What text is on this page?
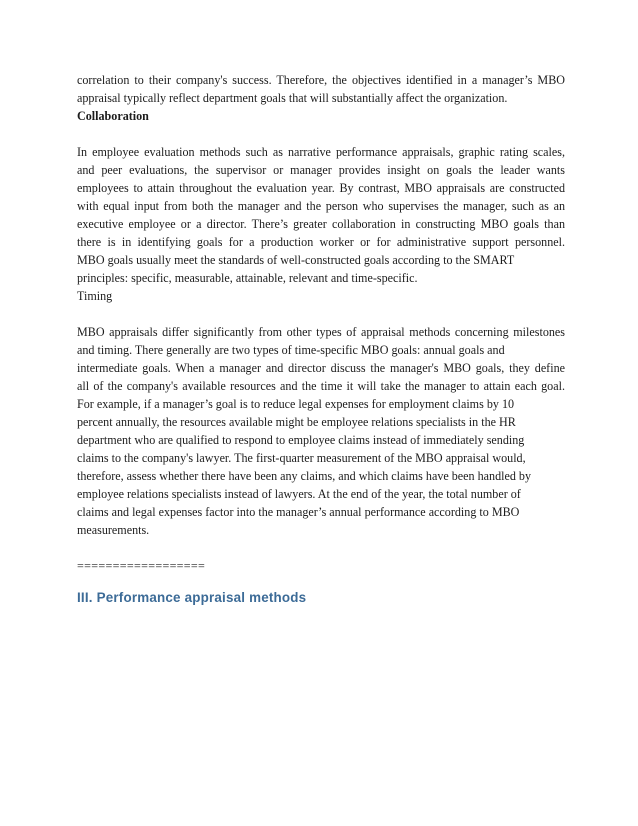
correlation to their company's success. Therefore, the objectives identified in a manager’s MBO
appraisal typically reflect department goals that will substantially affect the organization.
Collaboration
In employee evaluation methods such as narrative performance appraisals, graphic rating scales,
and peer evaluations, the supervisor or manager provides insight on goals the leader wants
employees to attain throughout the evaluation year. By contrast, MBO appraisals are constructed
with equal input from both the manager and the person who supervises the manager, such as an
executive employee or a director. There’s greater collaboration in constructing MBO goals than
there is in identifying goals for a production worker or for administrative support personnel.
MBO goals usually meet the standards of well-constructed goals according to the SMART
principles: specific, measurable, attainable, relevant and time-specific.
Timing
MBO appraisals differ significantly from other types of appraisal methods concerning milestones
and timing. There generally are two types of time-specific MBO goals: annual goals and
intermediate goals. When a manager and director discuss the manager's MBO goals, they define
all of the company's available resources and the time it will take the manager to attain each goal.
For example, if a manager’s goal is to reduce legal expenses for employment claims by 10
percent annually, the resources available might be employee relations specialists in the HR
department who are qualified to respond to employee claims instead of immediately sending
claims to the company's lawyer. The first-quarter measurement of the MBO appraisal would,
therefore, assess whether there have been any claims, and which claims have been handled by
employee relations specialists instead of lawyers. At the end of the year, the total number of
claims and legal expenses factor into the manager’s annual performance according to MBO
measurements.
==================
III. Performance appraisal methods
